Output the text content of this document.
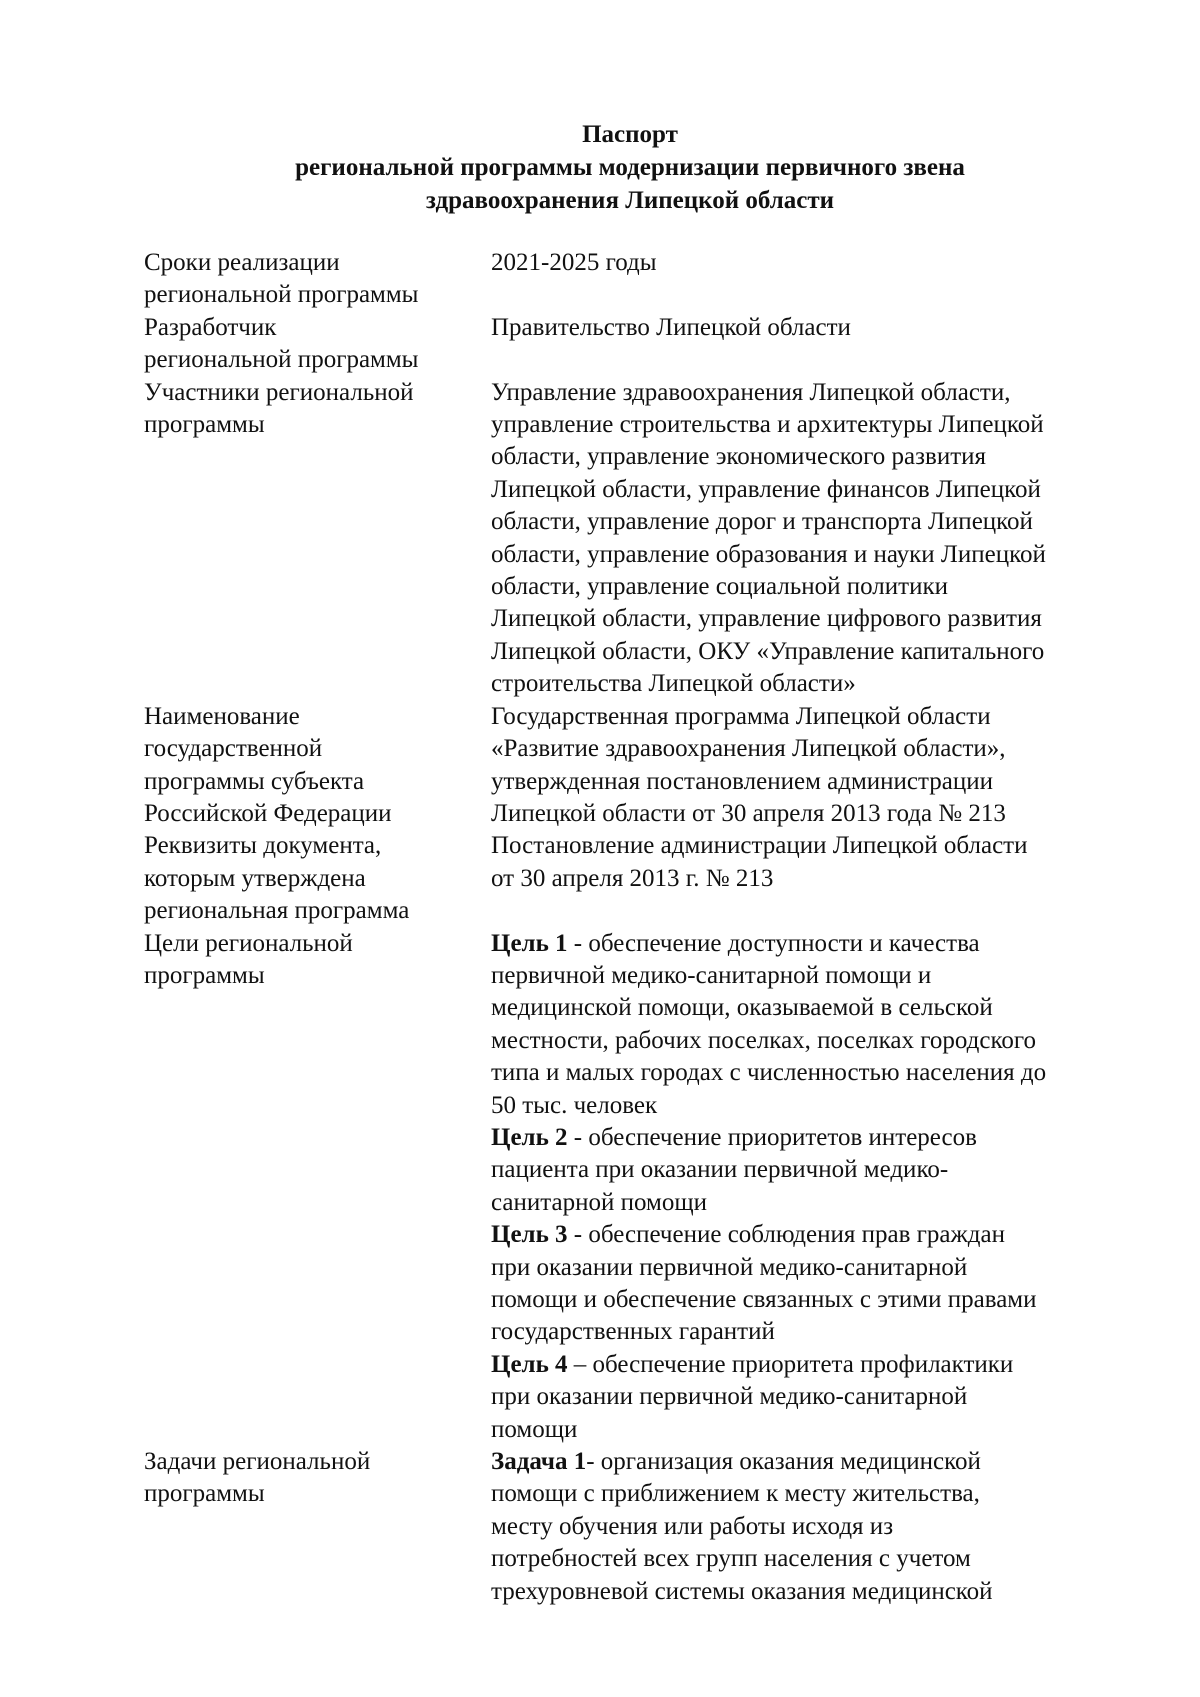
Паспорт
региональной программы модернизации первичного звена
здравоохранения Липецкой области
Сроки реализации
региональной программы
2021-2025 годы
Разработчик
региональной программы
Правительство Липецкой области
Участники региональной
программы
Управление здравоохранения Липецкой области,
управление строительства и архитектуры Липецкой
области, управление экономического развития
Липецкой области, управление финансов Липецкой
области, управление дорог и транспорта Липецкой
области, управление образования и науки Липецкой
области, управление социальной политики
Липецкой области, управление цифрового развития
Липецкой области, ОКУ «Управление капитального
строительства Липецкой области»
Наименование
государственной
программы субъекта
Российской Федерации
Государственная программа Липецкой области
«Развитие здравоохранения Липецкой области»,
утвержденная постановлением администрации
Липецкой области от 30 апреля 2013 года № 213
Реквизиты документа,
которым утверждена
региональная программа
Постановление администрации Липецкой области
от 30 апреля 2013 г. № 213
Цели региональной
программы
Цель 1 - обеспечение доступности и качества
первичной медико-санитарной помощи и
медицинской помощи, оказываемой в сельской
местности, рабочих поселках, поселках городского
типа и малых городах с численностью населения до
50 тыс. человек
Цель 2 - обеспечение приоритетов интересов
пациента при оказании первичной медико-
санитарной помощи
Цель 3 - обеспечение соблюдения прав граждан
при оказании первичной медико-санитарной
помощи и обеспечение связанных с этими правами
государственных гарантий
Цель 4 – обеспечение приоритета профилактики
при оказании первичной медико-санитарной
помощи
Задачи региональной
программы
Задача 1- организация оказания медицинской
помощи с приближением к месту жительства,
месту обучения или работы исходя из
потребностей всех групп населения с учетом
трехуровневой системы оказания медицинской
